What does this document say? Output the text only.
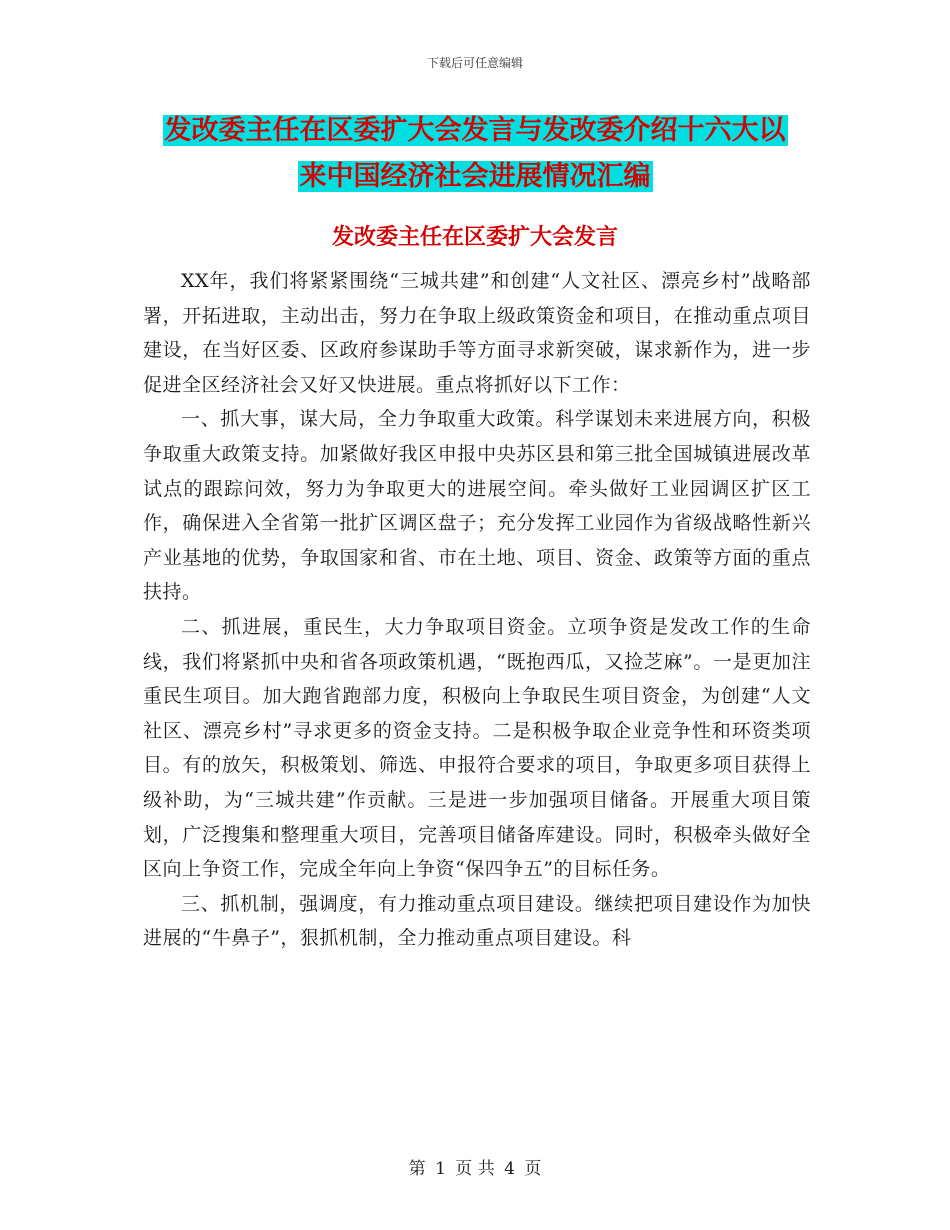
下载后可任意编辑
发改委主任在区委扩大会发言与发改委介绍十六大以
来中国经济社会进展情况汇编
发改委主任在区委扩大会发言

XX年，我们将紧紧围绕“三城共建”和创建“人文社区、漂亮乡村”战略部署，开拓进取，主动出击，努力在争取上级政策资金和项目，在推动重点项目建设，在当好区委、区政府参谋助手等方面寻求新突破，谋求新作为，进一步促进全区经济社会又好又快进展。重点将抓好以下工作：

一、抓大事，谋大局，全力争取重大政策。科学谋划未来进展方向，积极争取重大政策支持。加紧做好我区申报中央苏区县和第三批全国城镇进展改革试点的跟踪问效，努力为争取更大的进展空间。牵头做好工业园调区扩区工作，确保进入全省第一批扩区调区盘子；充分发挥工业园作为省级战略性新兴产业基地的优势，争取国家和省、市在土地、项目、资金、政策等方面的重点扶持。

二、抓进展，重民生，大力争取项目资金。立项争资是发改工作的生命线，我们将紧抓中央和省各项政策机遇，“既抱西瓜，又捡芝麻”。一是更加注重民生项目。加大跑省跑部力度，积极向上争取民生项目资金，为创建“人文社区、漂亮乡村”寻求更多的资金支持。二是积极争取企业竞争性和环资类项目。有的放矢，积极策划、筛选、申报符合要求的项目，争取更多项目获得上级补助，为“三城共建”作贡献。三是进一步加强项目储备。开展重大项目策划，广泛搜集和整理重大项目，完善项目储备库建设。同时，积极牵头做好全区向上争资工作，完成全年向上争资“保四争五”的目标任务。

三、抓机制，强调度，有力推动重点项目建设。继续把项目建设作为加快进展的“牛鼻子”，狠抓机制，全力推动重点项目建设。科

第 1 页 共 4 页
